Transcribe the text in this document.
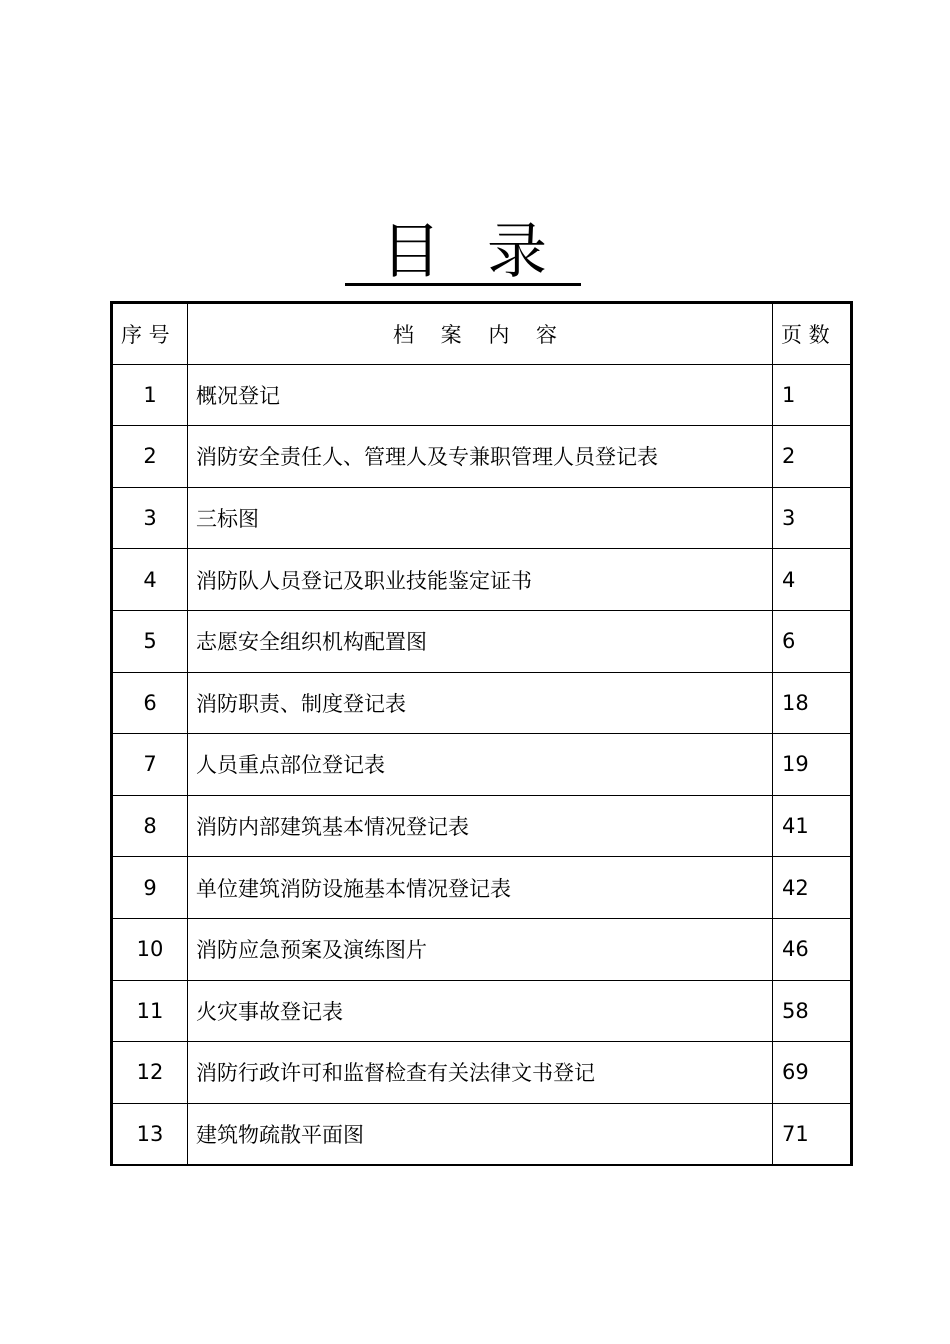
目 录
序 号	档 案 内 容	页 数
1	概况登记	1
2	消防安全责任人、管理人及专兼职管理人员登记表	2
3	三标图	3
4	消防队人员登记及职业技能鉴定证书	4
5	志愿安全组织机构配置图	6
6	消防职责、制度登记表	18
7	人员重点部位登记表	19
8	消防内部建筑基本情况登记表	41
9	单位建筑消防设施基本情况登记表	42
10	消防应急预案及演练图片	46
11	火灾事故登记表	58
12	消防行政许可和监督检查有关法律文书登记	69
13	建筑物疏散平面图	71
